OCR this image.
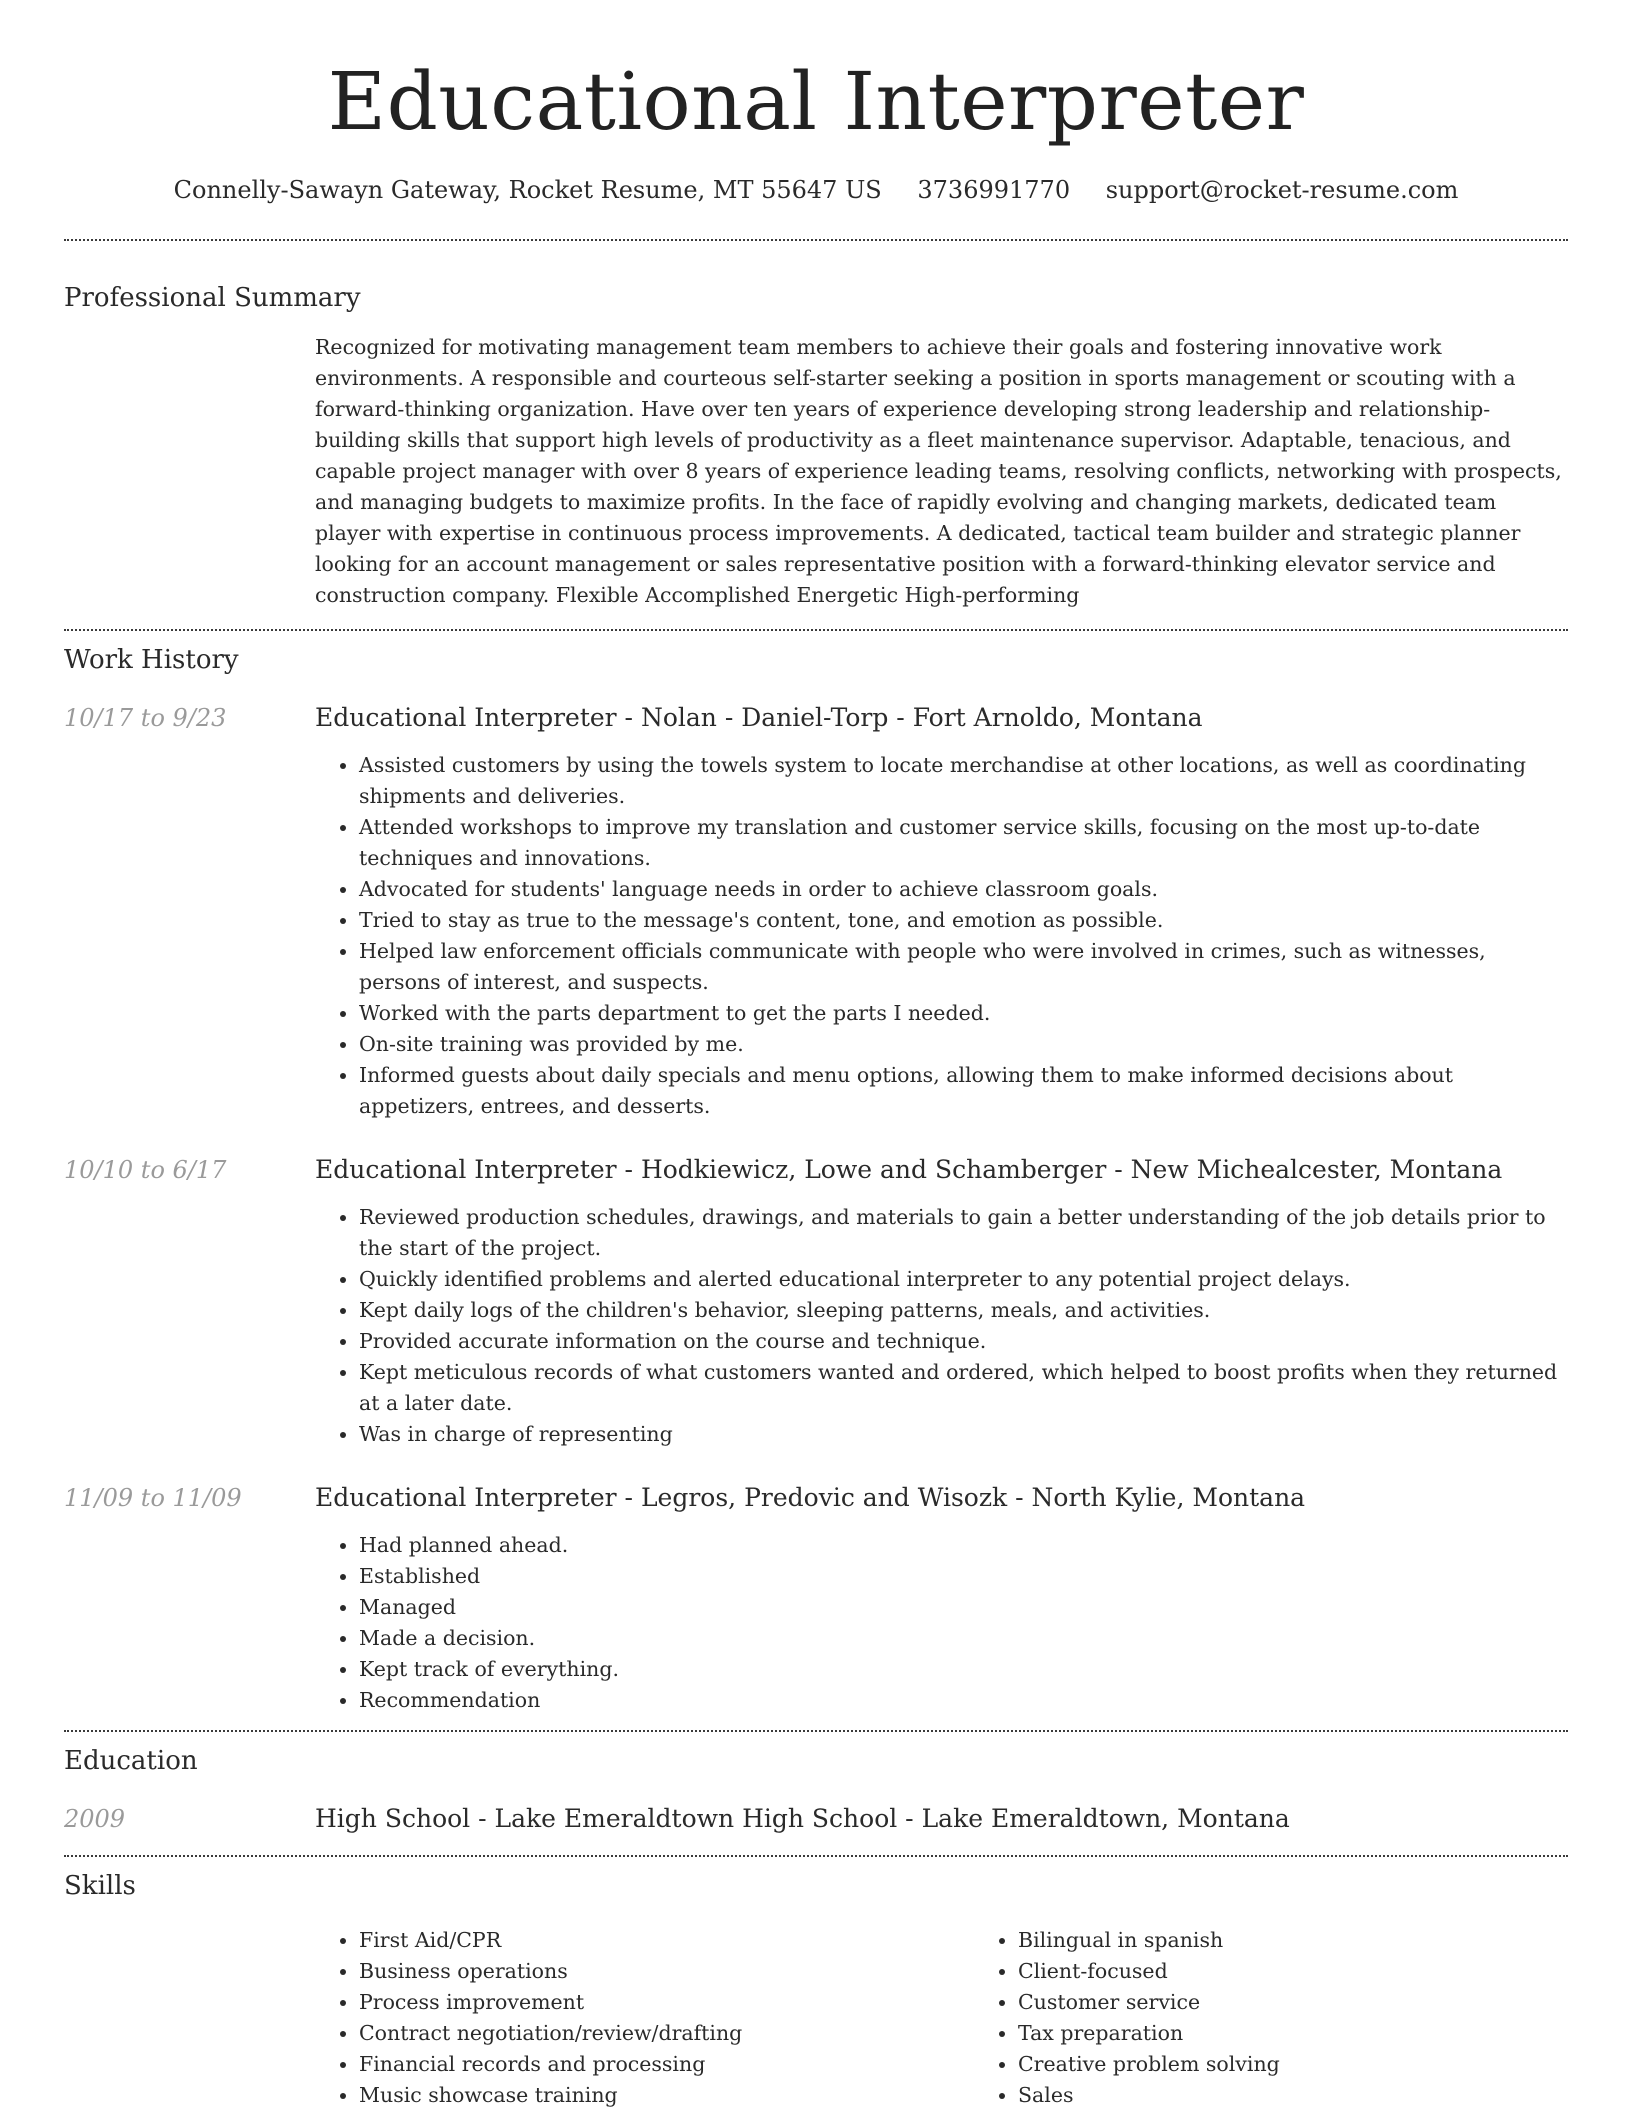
Educational Interpreter
Connelly-Sawayn Gateway, Rocket Resume, MT 55647 US 3736991770 support@rocket-resume.com
Professional Summary
Recognized for motivating management team members to achieve their goals and fostering innovative work environments. A responsible and courteous self-starter seeking a position in sports management or scouting with a forward-thinking organization. Have over ten years of experience developing strong leadership and relationship-building skills that support high levels of productivity as a fleet maintenance supervisor. Adaptable, tenacious, and capable project manager with over 8 years of experience leading teams, resolving conflicts, networking with prospects, and managing budgets to maximize profits. In the face of rapidly evolving and changing markets, dedicated team player with expertise in continuous process improvements. A dedicated, tactical team builder and strategic planner looking for an account management or sales representative position with a forward-thinking elevator service and construction company. Flexible Accomplished Energetic High-performing
Work History
10/17 to 9/23	Educational Interpreter - Nolan - Daniel-Torp - Fort Arnoldo, Montana
• Assisted customers by using the towels system to locate merchandise at other locations, as well as coordinating shipments and deliveries.
• Attended workshops to improve my translation and customer service skills, focusing on the most up-to-date techniques and innovations.
• Advocated for students' language needs in order to achieve classroom goals.
• Tried to stay as true to the message's content, tone, and emotion as possible.
• Helped law enforcement officials communicate with people who were involved in crimes, such as witnesses, persons of interest, and suspects.
• Worked with the parts department to get the parts I needed.
• On-site training was provided by me.
• Informed guests about daily specials and menu options, allowing them to make informed decisions about appetizers, entrees, and desserts.
10/10 to 6/17	Educational Interpreter - Hodkiewicz, Lowe and Schamberger - New Michealcester, Montana
• Reviewed production schedules, drawings, and materials to gain a better understanding of the job details prior to the start of the project.
• Quickly identified problems and alerted educational interpreter to any potential project delays.
• Kept daily logs of the children's behavior, sleeping patterns, meals, and activities.
• Provided accurate information on the course and technique.
• Kept meticulous records of what customers wanted and ordered, which helped to boost profits when they returned at a later date.
• Was in charge of representing
11/09 to 11/09	Educational Interpreter - Legros, Predovic and Wisozk - North Kylie, Montana
• Had planned ahead.
• Established
• Managed
• Made a decision.
• Kept track of everything.
• Recommendation
Education
2009	High School - Lake Emeraldtown High School - Lake Emeraldtown, Montana
Skills
• First Aid/CPR
• Business operations
• Process improvement
• Contract negotiation/review/drafting
• Financial records and processing
• Music showcase training
• Bilingual in spanish
• Client-focused
• Customer service
• Tax preparation
• Creative problem solving
• Sales
